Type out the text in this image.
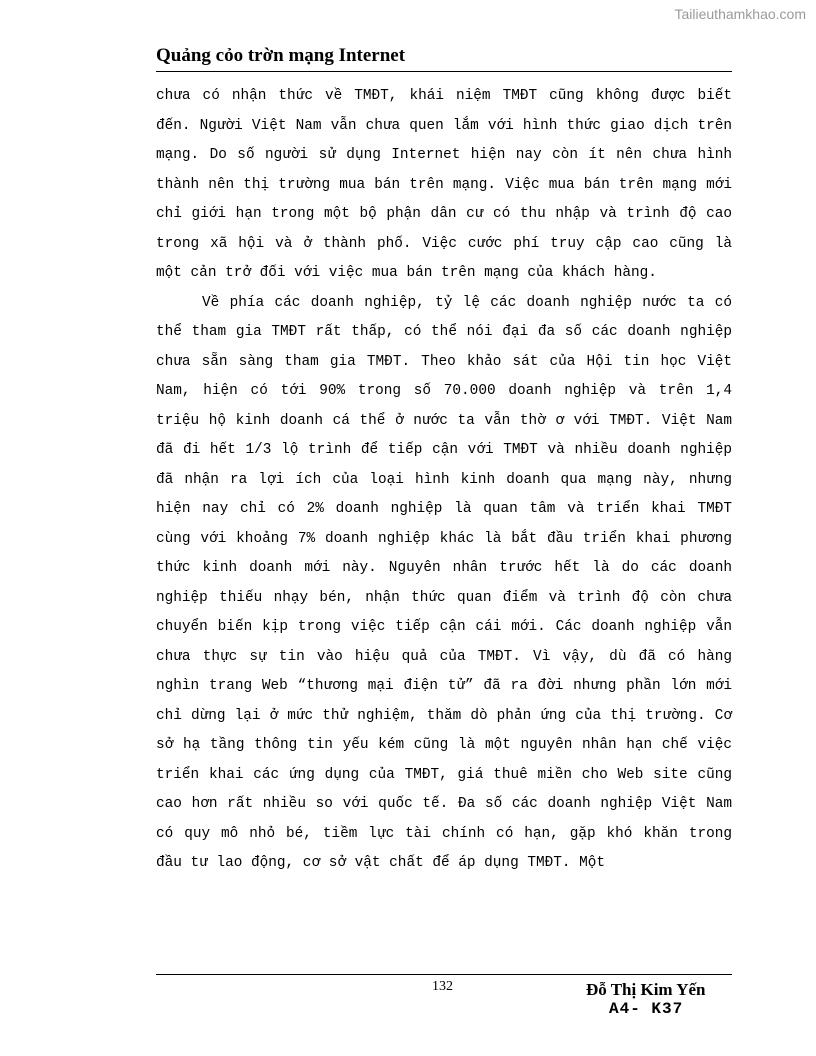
Tailieuthamkhao.com
Quảng cỏo trờn mạng Internet

chưa có nhận thức về TMĐT, khái niệm TMĐT cũng không được biết đến. Người Việt Nam vẫn chưa quen lắm với hình thức giao dịch trên mạng. Do số người sử dụng Internet hiện nay còn ít nên chưa hình thành nên thị trường mua bán trên mạng. Việc mua bán trên mạng mới chỉ giới hạn trong một bộ phận dân cư có thu nhập và trình độ cao trong xã hội và ở thành phố. Việc cước phí truy cập cao cũng là một cản trở đối với việc mua bán trên mạng của khách hàng.

Về phía các doanh nghiệp, tỷ lệ các doanh nghiệp nước ta có thể tham gia TMĐT rất thấp, có thể nói đại đa số các doanh nghiệp chưa sẵn sàng tham gia TMĐT. Theo khảo sát của Hội tin học Việt Nam, hiện có tới 90% trong số 70.000 doanh nghiệp và trên 1,4 triệu hộ kinh doanh cá thể ở nước ta vẫn thờ ơ với TMĐT. Việt Nam đã đi hết 1/3 lộ trình để tiếp cận với TMĐT và nhiều doanh nghiệp đã nhận ra lợi ích của loại hình kinh doanh qua mạng này, nhưng hiện nay chỉ có 2% doanh nghiệp là quan tâm và triển khai TMĐT cùng với khoảng 7% doanh nghiệp khác là bắt đầu triển khai phương thức kinh doanh mới này. Nguyên nhân trước hết là do các doanh nghiệp thiếu nhạy bén, nhận thức quan điểm và trình độ còn chưa chuyển biến kịp trong việc tiếp cận cái mới. Các doanh nghiệp vẫn chưa thực sự tin vào hiệu quả của TMĐT. Vì vậy, dù đã có hàng nghìn trang Web “thương mại điện tử” đã ra đời nhưng phần lớn mới chỉ dừng lại ở mức thử nghiệm, thăm dò phản ứng của thị trường. Cơ sở hạ tầng thông tin yếu kém cũng là một nguyên nhân hạn chế việc triển khai các ứng dụng của TMĐT, giá thuê miền cho Web site cũng cao hơn rất nhiều so với quốc tế. Đa số các doanh nghiệp Việt Nam có quy mô nhỏ bé, tiềm lực tài chính có hạn, gặp khó khăn trong đầu tư lao động, cơ sở vật chất để áp dụng TMĐT. Một

132	Đỗ Thị Kim Yến
A4- K37
